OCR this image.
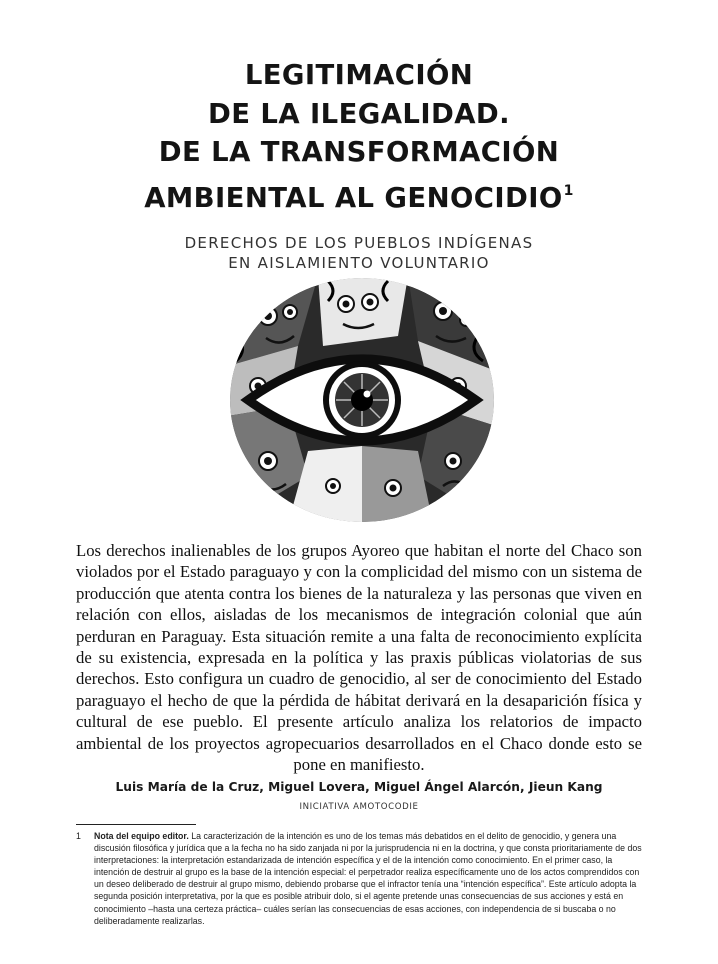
LEGITIMACIÓN
DE LA ILEGALIDAD.
DE LA TRANSFORMACIÓN
AMBIENTAL AL GENOCIDIO$^1$
DERECHOS DE LOS PUEBLOS INDÍGENAS
EN AISLAMIENTO VOLUNTARIO

Los derechos inalienables de los grupos Ayoreo que habitan el norte del Chaco son violados por el Estado paraguayo y con la complicidad del mismo con un sistema de producción que atenta contra los bienes de la naturaleza y las personas que viven en relación con ellos, aisladas de los mecanismos de integración colonial que aún perduran en Paraguay. Esta situación remite a una falta de reconocimiento explícita de su existencia, expresada en la política y las praxis públicas violatorias de sus derechos. Esto configura un cuadro de genocidio, al ser de conocimiento del Estado paraguayo el hecho de que la pérdida de hábitat derivará en la desaparición física y cultural de ese pueblo. El presente artículo analiza los relatorios de impacto ambiental de los proyectos agropecuarios desarrollados en el Chaco donde esto se pone en manifiesto.

Luis María de la Cruz, Miguel Lovera, Miguel Ángel Alarcón, Jieun Kang
INICIATIVA AMOTOCODIE
1 Nota del equipo editor. La caracterización de la intención es uno de los temas más debatidos en el delito de genocidio, y genera una discusión filosófica y jurídica que a la fecha no ha sido zanjada ni por la jurisprudencia ni en la doctrina, y que consta prioritariamente de dos interpretaciones: la interpretación estandarizada de intención específica y el de la intención como conocimiento. En el primer caso, la intención de destruir al grupo es la base de la intención especial: el perpetrador realiza específicamente uno de los actos comprendidos con un deseo deliberado de destruir al grupo mismo, debiendo probarse que el infractor tenía una “intención específica”. Este artículo adopta la segunda posición interpretativa, por la que es posible atribuir dolo, si el agente pretende unas consecuencias de sus acciones y está en conocimiento –hasta una certeza práctica– cuáles serían las consecuencias de esas acciones, con independencia de si buscaba o no deliberadamente realizarlas.
